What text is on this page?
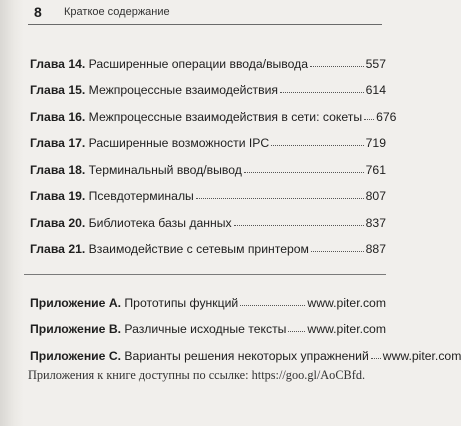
8 Краткое содержание
Глава 14. Расширенные операции ввода/вывода	557
Глава 15. Межпроцессные взаимодействия	614
Глава 16. Межпроцессные взаимодействия в сети: сокеты 676
Глава 17. Расширенные возможности IPC	719
Глава 18. Терминальный ввод/вывод	761
Глава 19. Псевдотерминалы	807
Глава 20. Библиотека базы данных	837
Глава 21. Взаимодействие с сетевым принтером	887
Приложение А. Прототипы функций	www.piter.com
Приложение В. Различные исходные тексты www.piter.com
Приложение С. Варианты решения некоторых упражнений www.piter.com
Приложения к книге доступны по ссылке: https://goo.gl/AoCBfd.
